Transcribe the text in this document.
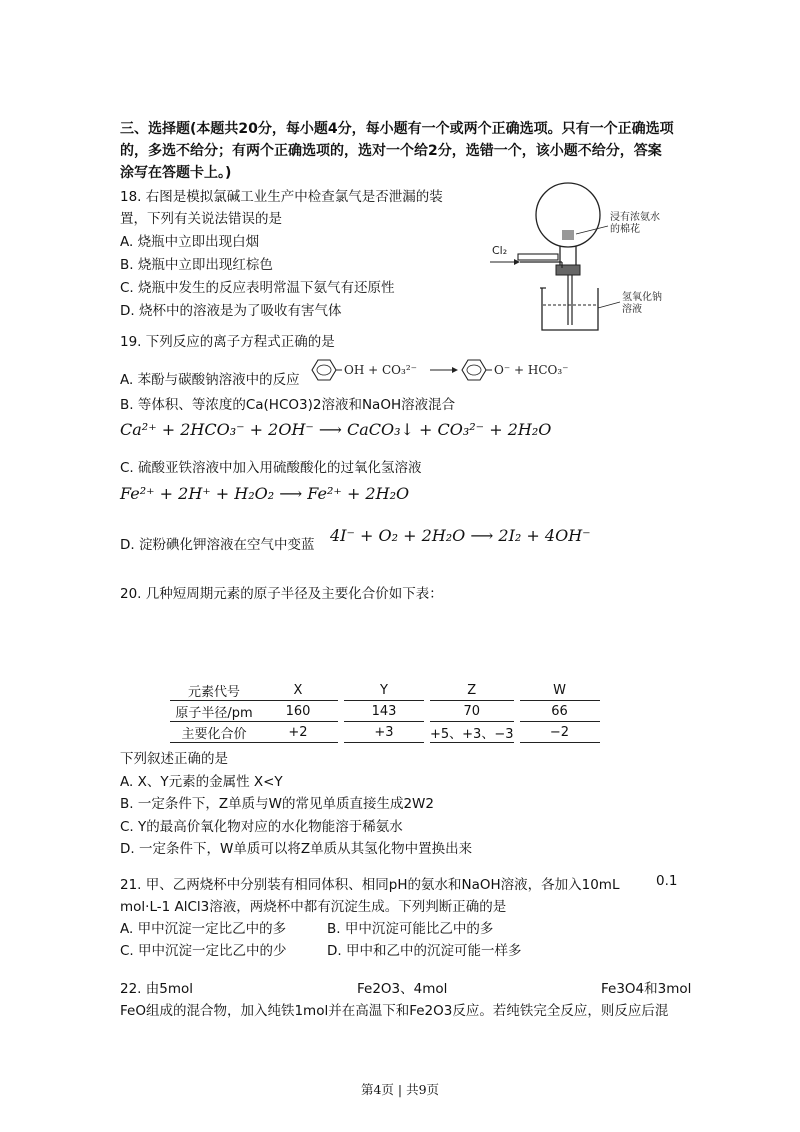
三、选择题(本题共20分，每小题4分，每小题有一个或两个正确选项。只有一个正确选项
的，多选不给分；有两个正确选项的，选对一个给2分，选错一个，该小题不给分，答案
涂写在答题卡上。)
18. 右图是模拟氯碱工业生产中检查氯气是否泄漏的装
置，下列有关说法错误的是
A. 烧瓶中立即出现白烟
B. 烧瓶中立即出现红棕色
C. 烧瓶中发生的反应表明常温下氨气有还原性
D. 烧杯中的溶液是为了吸收有害气体
浸有浓氨水
的棉花
Cl₂
氢氧化钠
溶液
19. 下列反应的离子方程式正确的是
A. 苯酚与碳酸钠溶液中的反应
OH + CO₃²⁻	O⁻ + HCO₃⁻
B. 等体积、等浓度的Ca(HCO3)2溶液和NaOH溶液混合
Ca²⁺ + 2HCO₃⁻ + 2OH⁻ ⟶ CaCO₃↓ + CO₃²⁻ + 2H₂O
C. 硫酸亚铁溶液中加入用硫酸酸化的过氧化氢溶液
Fe²⁺ + 2H⁺ + H₂O₂ ⟶ Fe²⁺ + 2H₂O
D. 淀粉碘化钾溶液在空气中变蓝 4I⁻ + O₂ + 2H₂O ⟶ 2I₂ + 4OH⁻
20. 几种短周期元素的原子半径及主要化合价如下表：
元素代号	X		Y		Z		W
原子半径/pm	160		143		70		66
主要化合价	+2		+3		+5、+3、−3		−2
下列叙述正确的是
A. X、Y元素的金属性 X<Y
B. 一定条件下，Z单质与W的常见单质直接生成2W2
C. Y的最高价氧化物对应的水化物能溶于稀氨水
D. 一定条件下，W单质可以将Z单质从其氢化物中置换出来
21. 甲、乙两烧杯中分别装有相同体积、相同pH的氨水和NaOH溶液，各加入10mL	0.1
mol·L-1 AlCl3溶液，两烧杯中都有沉淀生成。下列判断正确的是
A. 甲中沉淀一定比乙中的多	B. 甲中沉淀可能比乙中的多
C. 甲中沉淀一定比乙中的少	D. 甲中和乙中的沉淀可能一样多
22. 由5mol	Fe2O3、4mol	Fe3O4和3mol
FeO组成的混合物，加入纯铁1mol并在高温下和Fe2O3反应。若纯铁完全反应，则反应后混
第4页 | 共9页
